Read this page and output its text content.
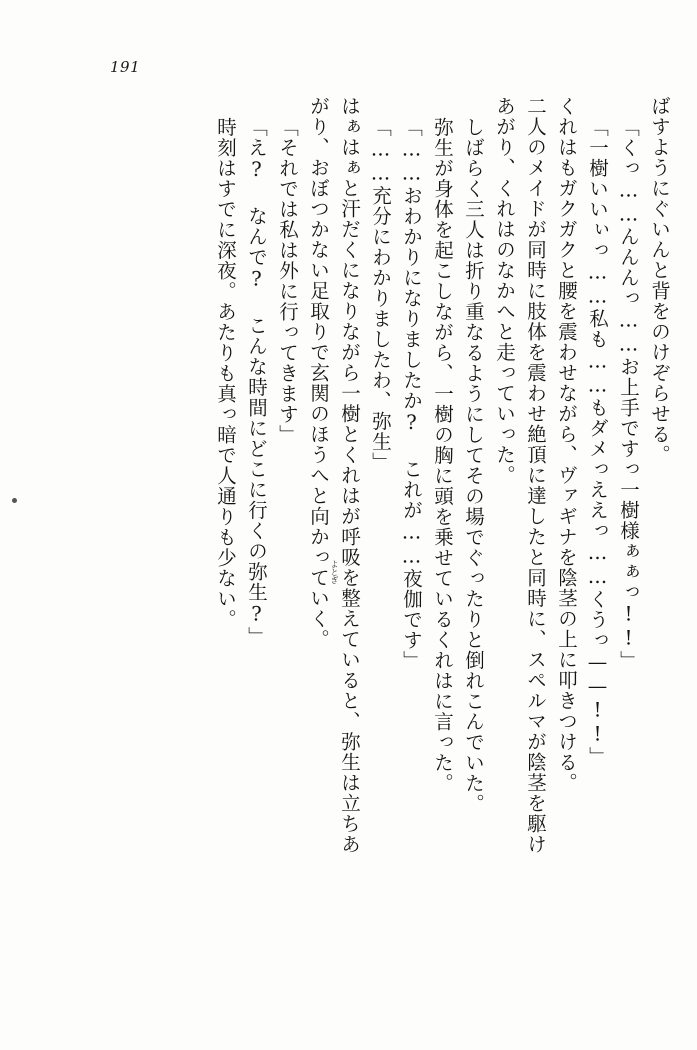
191
ばすようにぐいんと背をのけぞらせる。
「くっ……んんんっ……お上手ですっ一樹様ぁぁっ!!」
「一樹いいぃっ……私も……もダメっええっ……くうっ——!!」
くれはもガクガクと腰を震わせながら、ヴァギナを陰茎の上に叩きつける。
二人のメイドが同時に肢体を震わせ絶頂に達したと同時に、スペルマが陰茎を駆け
あがり、くれはのなかへと走っていった。
しばらく三人は折り重なるようにしてその場でぐったりと倒れこんでいた。
弥生が身体を起こしながら、一樹の胸に頭を乗せているくれはに言った。
「……おわかりになりましたか? これが……夜伽です」
「……充分にわかりましたわ、弥生」
はぁはぁと汗だくになりながら一樹とくれはが呼吸を整えていると、弥生は立ちあ
がり、おぼつかない足取りで玄関のほうへと向かっていく。
「それでは私は外に行ってきます」
「え? なんで? こんな時間にどこに行くの弥生?」
時刻はすでに深夜。あたりも真っ暗で人通りも少ない。	よとぎ
